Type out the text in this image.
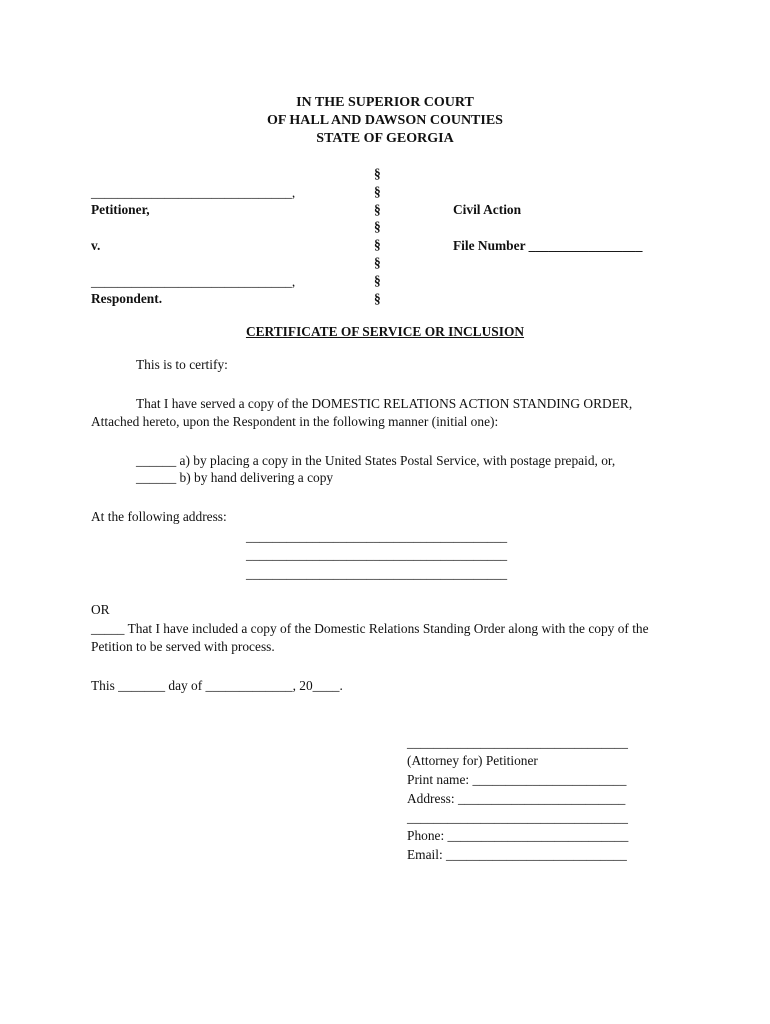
IN THE SUPERIOR COURT
OF HALL AND DAWSON COUNTIES
STATE OF GEORGIA
______________________________,
Petitioner,
v.
______________________________,
Respondent.
§
§
§
§
§
§
§
§
Civil Action
File Number _________________
CERTIFICATE OF SERVICE OR INCLUSION
This is to certify:
That I have served a copy of the DOMESTIC RELATIONS ACTION STANDING ORDER,
Attached hereto, upon the Respondent in the following manner (initial one):
______ a) by placing a copy in the United States Postal Service, with postage prepaid, or,
______ b) by hand delivering a copy
At the following address:
_______________________________________
_______________________________________
_______________________________________
OR
_____ That I have included a copy of the Domestic Relations Standing Order along with the copy of the
Petition to be served with process.
This _______ day of _____________, 20____.
_________________________________
(Attorney for) Petitioner
Print name: _______________________
Address: _________________________
_________________________________
Phone: ___________________________
Email: ___________________________
